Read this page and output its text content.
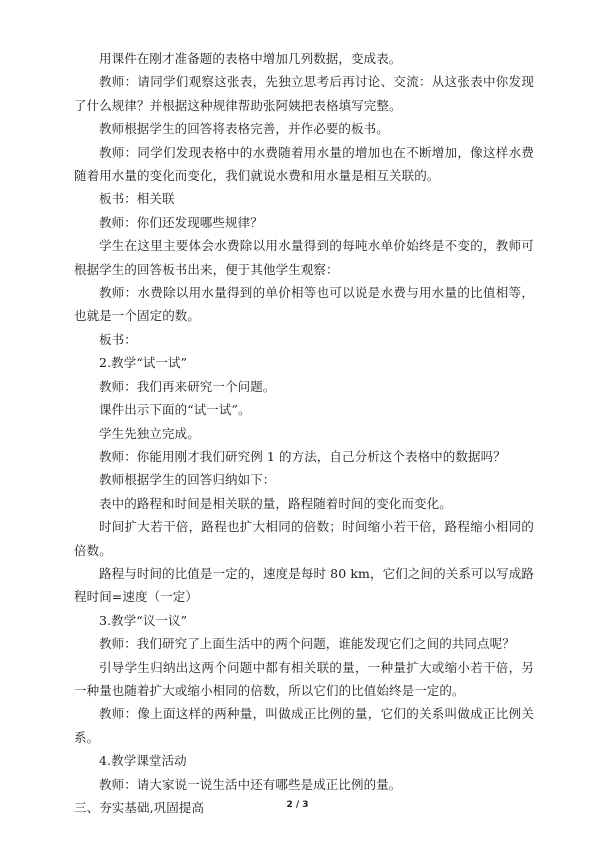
用课件在刚才准备题的表格中增加几列数据，变成表。

教师：请同学们观察这张表，先独立思考后再讨论、交流：从这张表中你发现了什么规律？并根据这种规律帮助张阿姨把表格填写完整。

教师根据学生的回答将表格完善，并作必要的板书。

教师：同学们发现表格中的水费随着用水量的增加也在不断增加，像这样水费随着用水量的变化而变化，我们就说水费和用水量是相互关联的。

板书：相关联

教师：你们还发现哪些规律？

学生在这里主要体会水费除以用水量得到的每吨水单价始终是不变的，教师可根据学生的回答板书出来，便于其他学生观察：

教师：水费除以用水量得到的单价相等也可以说是水费与用水量的比值相等，也就是一个固定的数。

板书：

2.教学“试一试”

教师：我们再来研究一个问题。

课件出示下面的“试一试”。

学生先独立完成。

教师：你能用刚才我们研究例 1 的方法，自己分析这个表格中的数据吗？

教师根据学生的回答归纳如下：

表中的路程和时间是相关联的量，路程随着时间的变化而变化。

时间扩大若干倍，路程也扩大相同的倍数；时间缩小若干倍，路程缩小相同的倍数。

路程与时间的比值是一定的，速度是每时 80 km，它们之间的关系可以写成路程时间=速度（一定）

3.教学“议一议”

教师：我们研究了上面生活中的两个问题，谁能发现它们之间的共同点呢？

引导学生归纳出这两个问题中都有相关联的量，一种量扩大或缩小若干倍，另一种量也随着扩大或缩小相同的倍数，所以它们的比值始终是一定的。

教师：像上面这样的两种量，叫做成正比例的量，它们的关系叫做成正比例关系。

4.教学课堂活动

教师：请大家说一说生活中还有哪些是成正比例的量。

三、夯实基础,巩固提高	2 / 3
